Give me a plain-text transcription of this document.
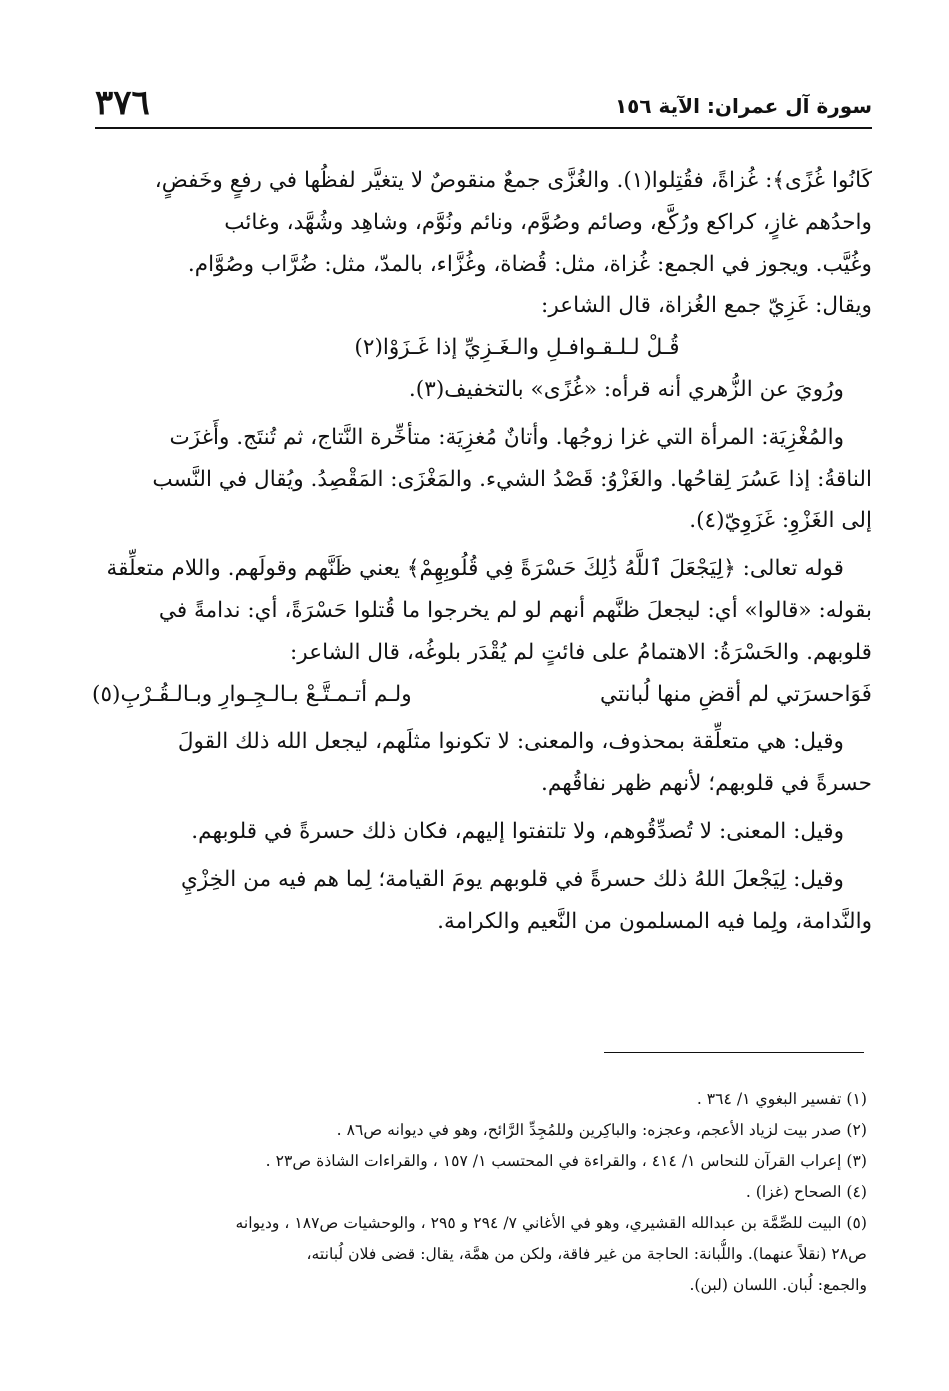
سورة آل عمران: الآية ١٥٦
٣٧٦
كَانُوا غُزًى﴾: غُزاةً، فقُتِلوا(١). والغُزَّى جمعٌ منقوصٌ لا يتغيَّر لفظُها في رفعٍ وخَفضٍ،
واحدُهم غازٍ، كراكع ورُكَّع، وصائم وصُوَّم، ونائم ونُوَّم، وشاهِد وشُهَّد، وغائب
وغُيَّب. ويجوز في الجمع: غُزاة، مثل: قُضاة، وغُزَّاء، بالمدّ، مثل: ضُرَّاب وصُوَّام.
ويقال: غَزِيّ جمع الغُزاة، قال الشاعر:
قُـلْ لـلـقـوافـلِ والـغَـزِيِّ إذا غَـزَوْا(٢)
ورُويَ عن الزُّهري أنه قرأه: «غُزًى» بالتخفيف(٣).
والمُغْزِيَة: المرأة التي غزا زوجُها. وأتانٌ مُغزِيَة: متأخِّرة النَّتاج، ثم تُنتَج. وأَغزَت
الناقةُ: إذا عَسُرَ لِقاحُها. والغَزْوُ: قَصْدُ الشيء. والمَغْزَى: المَقْصِدُ. ويُقال في النَّسب
إلى الغَزْوِ: غَزَوِيّ(٤).
قوله تعالى: ﴿لِيَجْعَلَ ٱللَّهُ ذَٰلِكَ حَسْرَةً فِي قُلُوبِهِمْ﴾ يعني ظَنَّهم وقولَهم. واللام متعلِّقة
بقوله: «قالوا» أي: ليجعلَ ظنَّهم أنهم لو لم يخرجوا ما قُتلوا حَسْرَةً، أي: ندامةً في
قلوبهم. والحَسْرَةُ: الاهتمامُ على فائتٍ لم يُقْدَر بلوغُه، قال الشاعر:
فَوَاحسرَتي لم أقضِ منها لُبانتي
ولـم أتـمـتَّـعْ بـالـجِـوارِ وبـالـقُـرْبِ(٥)
وقيل: هي متعلِّقة بمحذوف، والمعنى: لا تكونوا مثلَهم، ليجعل الله ذلك القولَ
حسرةً في قلوبهم؛ لأنهم ظهر نفاقُهم.
وقيل: المعنى: لا تُصدِّقُوهم، ولا تلتفتوا إليهم، فكان ذلك حسرةً في قلوبهم.
وقيل: لِيَجْعلَ اللهُ ذلك حسرةً في قلوبهم يومَ القيامة؛ لِما هم فيه من الخِزْيِ
والنَّدامة، ولِما فيه المسلمون من النَّعيم والكرامة.
(١) تفسير البغوي ١/ ٣٦٤ .
(٢) صدر بيت لزياد الأعجم، وعجزه: والباكِرين وللمُجِدِّ الرَّائح، وهو في ديوانه ص٨٦ .
(٣) إعراب القرآن للنحاس ١/ ٤١٤ ، والقراءة في المحتسب ١/ ١٥٧ ، والقراءات الشاذة ص٢٣ .
(٤) الصحاح (غزا) .
(٥) البيت للصِّمَّة بن عبدالله القشيري، وهو في الأغاني ٧/ ٢٩٤ و ٢٩٥ ، والوحشيات ص١٨٧ ، وديوانه
ص٢٨ (نقلاً عنهما). واللُّبانة: الحاجة من غير فاقة، ولكن من همَّة، يقال: قضى فلان لُبانته،
والجمع: لُبان. اللسان (لبن).
